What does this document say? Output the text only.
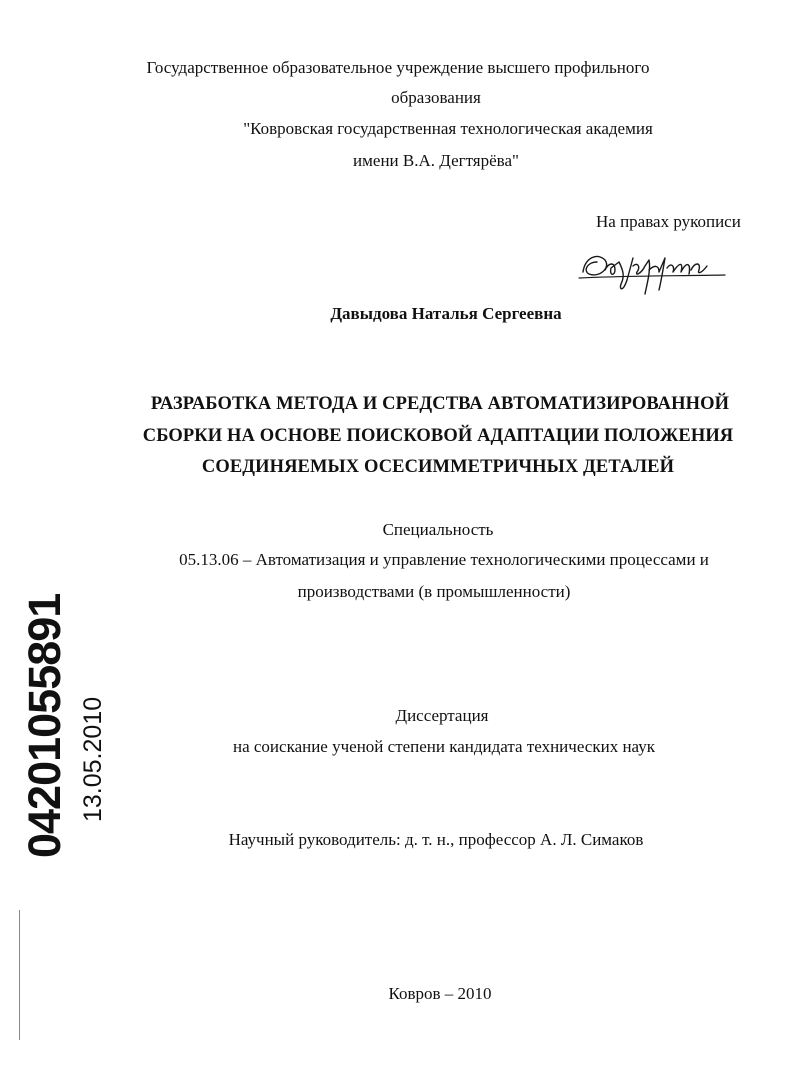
Государственное образовательное учреждение высшего профильного
образования
"Ковровская государственная технологическая академия
имени В.А. Дегтярёва"
На правах рукописи
Давыдова Наталья Сергеевна
РАЗРАБОТКА МЕТОДА И СРЕДСТВА АВТОМАТИЗИРОВАННОЙ
СБОРКИ НА ОСНОВЕ ПОИСКОВОЙ АДАПТАЦИИ ПОЛОЖЕНИЯ
СОЕДИНЯЕМЫХ ОСЕСИММЕТРИЧНЫХ ДЕТАЛЕЙ
Специальность
05.13.06 – Автоматизация и управление технологическими процессами и
производствами (в промышленности)
Диссертация
на соискание ученой степени кандидата технических наук
Научный руководитель: д. т. н., профессор А. Л. Симаков
Ковров – 2010
04201055891 13.05.2010
